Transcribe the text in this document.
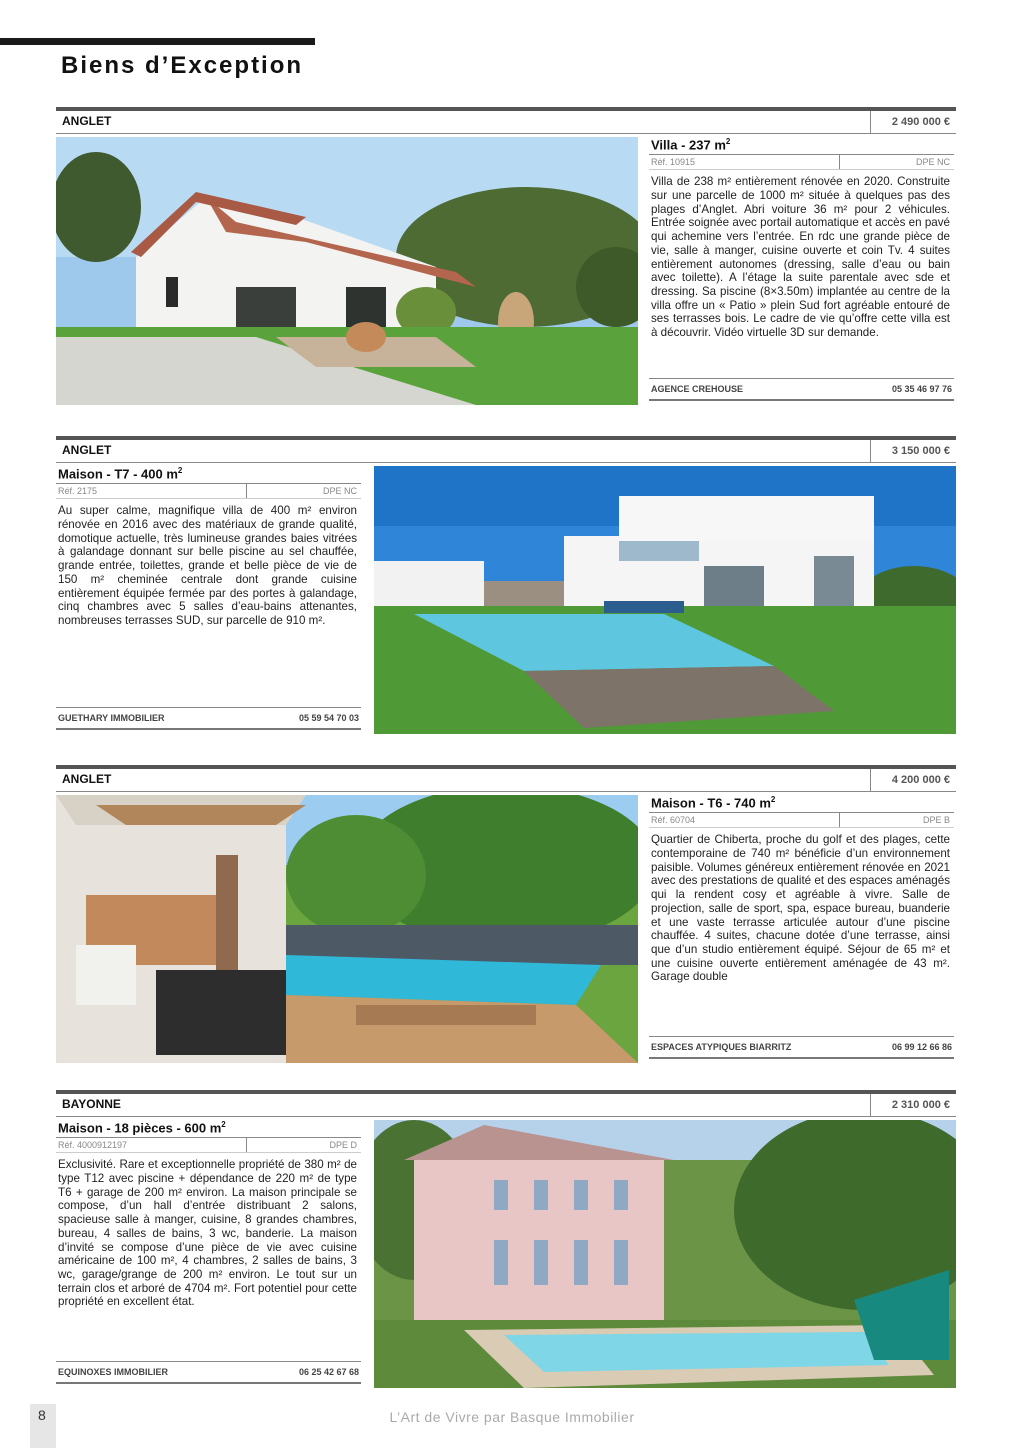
Biens d’Exception
ANGLET	2 490 000 €
Villa - 237 $m^2$
Réf. 10915	DPE NC
Villa de 238 m² entièrement rénovée en 2020. Construite sur une parcelle de 1000 m² située à quelques pas des plages d’Anglet. Abri voiture 36 m² pour 2 véhicules. Entrée soignée avec portail automatique et accès en pavé qui achemine vers l’entrée. En rdc une grande pièce de vie, salle à manger, cuisine ouverte et coin Tv. 4 suites entièrement autonomes (dressing, salle d’eau ou bain avec toilette). A l’étage la suite parentale avec sde et dressing. Sa piscine (8×3.50m) implantée au centre de la villa offre un « Patio » plein Sud fort agréable entouré de ses terrasses bois. Le cadre de vie qu’offre cette villa est à découvrir. Vidéo virtuelle 3D sur demande.
AGENCE CREHOUSE	05 35 46 97 76
ANGLET	3 150 000 €
Maison - T7 - 400 $m^2$
Réf. 2175	DPE NC
Au super calme, magnifique villa de 400 m² environ rénovée en 2016 avec des matériaux de grande qualité, domotique actuelle, très lumineuse grandes baies vitrées à galandage donnant sur belle piscine au sel chauffée, grande entrée, toilettes, grande et belle pièce de vie de 150 m² cheminée centrale dont grande cuisine entièrement équipée fermée par des portes à galandage, cinq chambres avec 5 salles d’eau-bains attenantes, nombreuses terrasses SUD, sur parcelle de 910 m².
GUETHARY IMMOBILIER	05 59 54 70 03
ANGLET	4 200 000 €
Maison - T6 - 740 $m^2$
Réf. 60704	DPE B
Quartier de Chiberta, proche du golf et des plages, cette contemporaine de 740 m² bénéficie d’un environnement paisible. Volumes généreux entièrement rénovée en 2021 avec des prestations de qualité et des espaces aménagés qui la rendent cosy et agréable à vivre. Salle de projection, salle de sport, spa, espace bureau, buanderie et une vaste terrasse articulée autour d’une piscine chauffée. 4 suites, chacune dotée d’une terrasse, ainsi que d’un studio entièrement équipé. Séjour de 65 m² et une cuisine ouverte entièrement aménagée de 43 m². Garage double
ESPACES ATYPIQUES BIARRITZ	06 99 12 66 86
BAYONNE	2 310 000 €
Maison - 18 pièces - 600 $m^2$
Réf. 4000912197	DPE D
Exclusivité. Rare et exceptionnelle propriété de 380 m² de type T12 avec piscine + dépendance de 220 m² de type T6 + garage de 200 m² environ. La maison principale se compose, d’un hall d’entrée distribuant 2 salons, spacieuse salle à manger, cuisine, 8 grandes chambres, bureau, 4 salles de bains, 3 wc, banderie. La maison d’invité se compose d’une pièce de vie avec cuisine américaine de 100 m², 4 chambres, 2 salles de bains, 3 wc, garage/grange de 200 m² environ. Le tout sur un terrain clos et arboré de 4704 m². Fort potentiel pour cette propriété en excellent état.
EQUINOXES IMMOBILIER	06 25 42 67 68
8	L’Art de Vivre par Basque Immobilier
